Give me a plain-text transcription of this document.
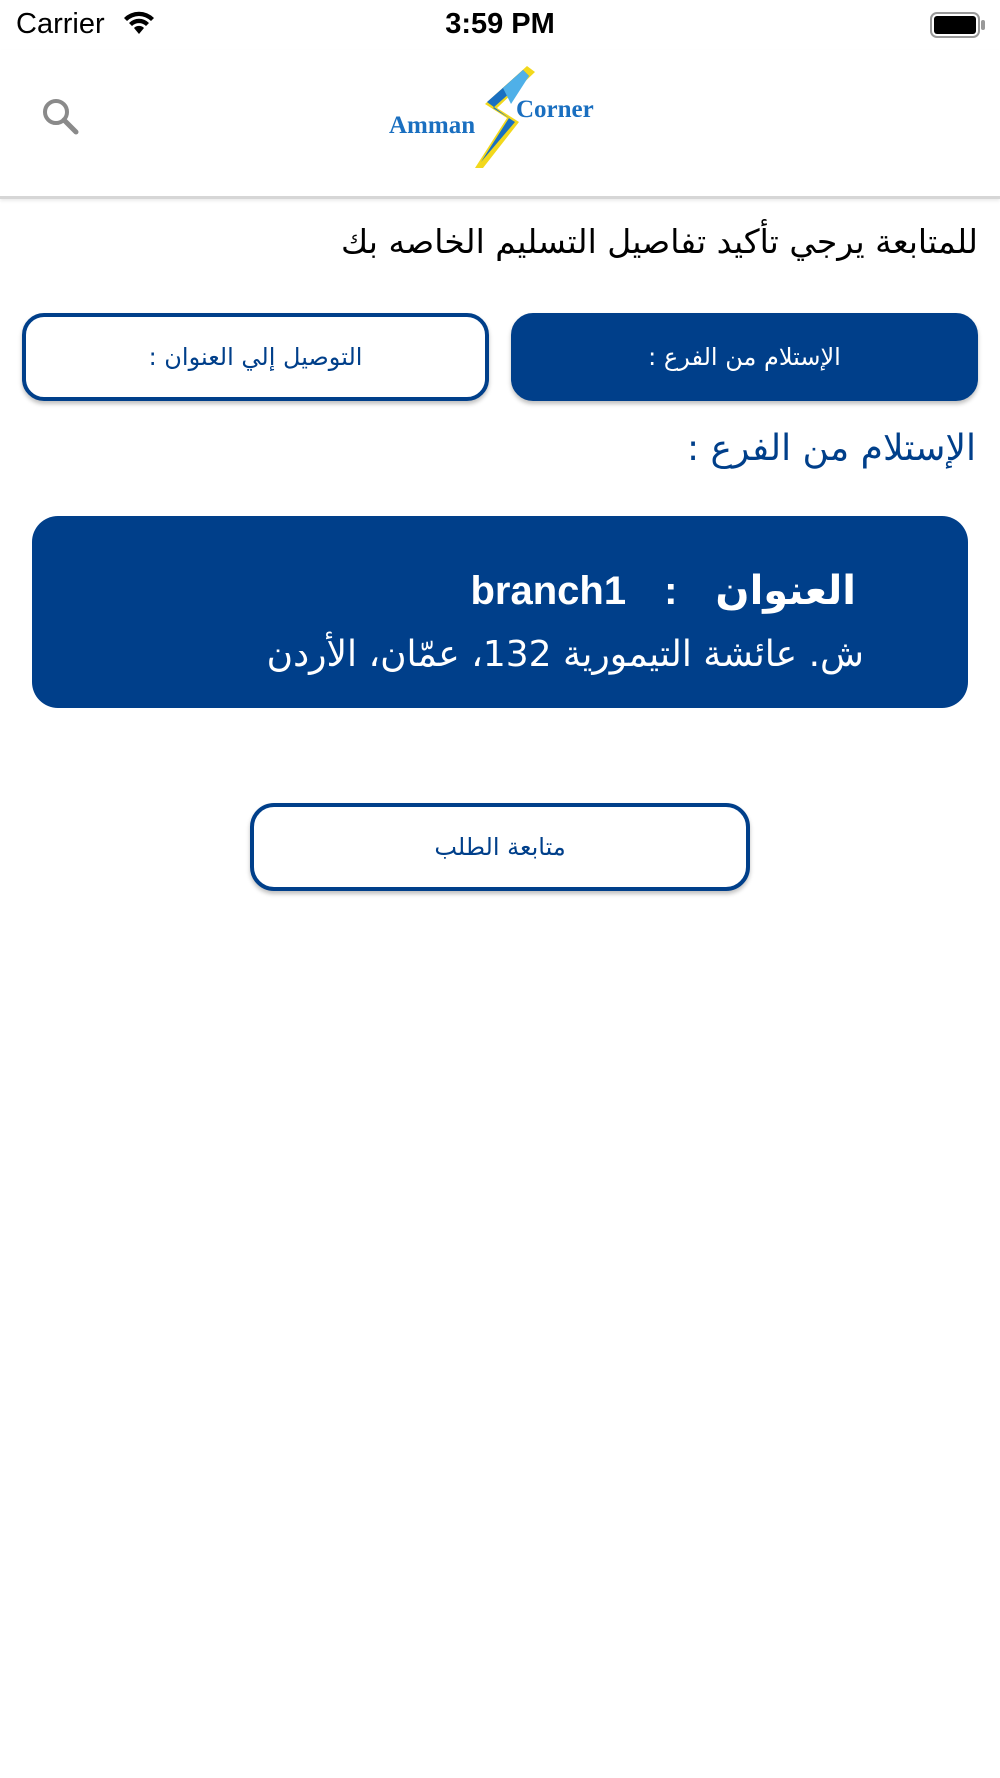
Carrier	3:59 PM
Amman
Corner
للمتابعة يرجي تأكيد تفاصيل التسليم الخاصه بك
الإستلام من الفرع :
التوصيل إلي العنوان :
الإستلام من الفرع :
العنوان
:
branch1
ش. عائشة التيمورية 132، عمّان، الأردن
متابعة الطلب
